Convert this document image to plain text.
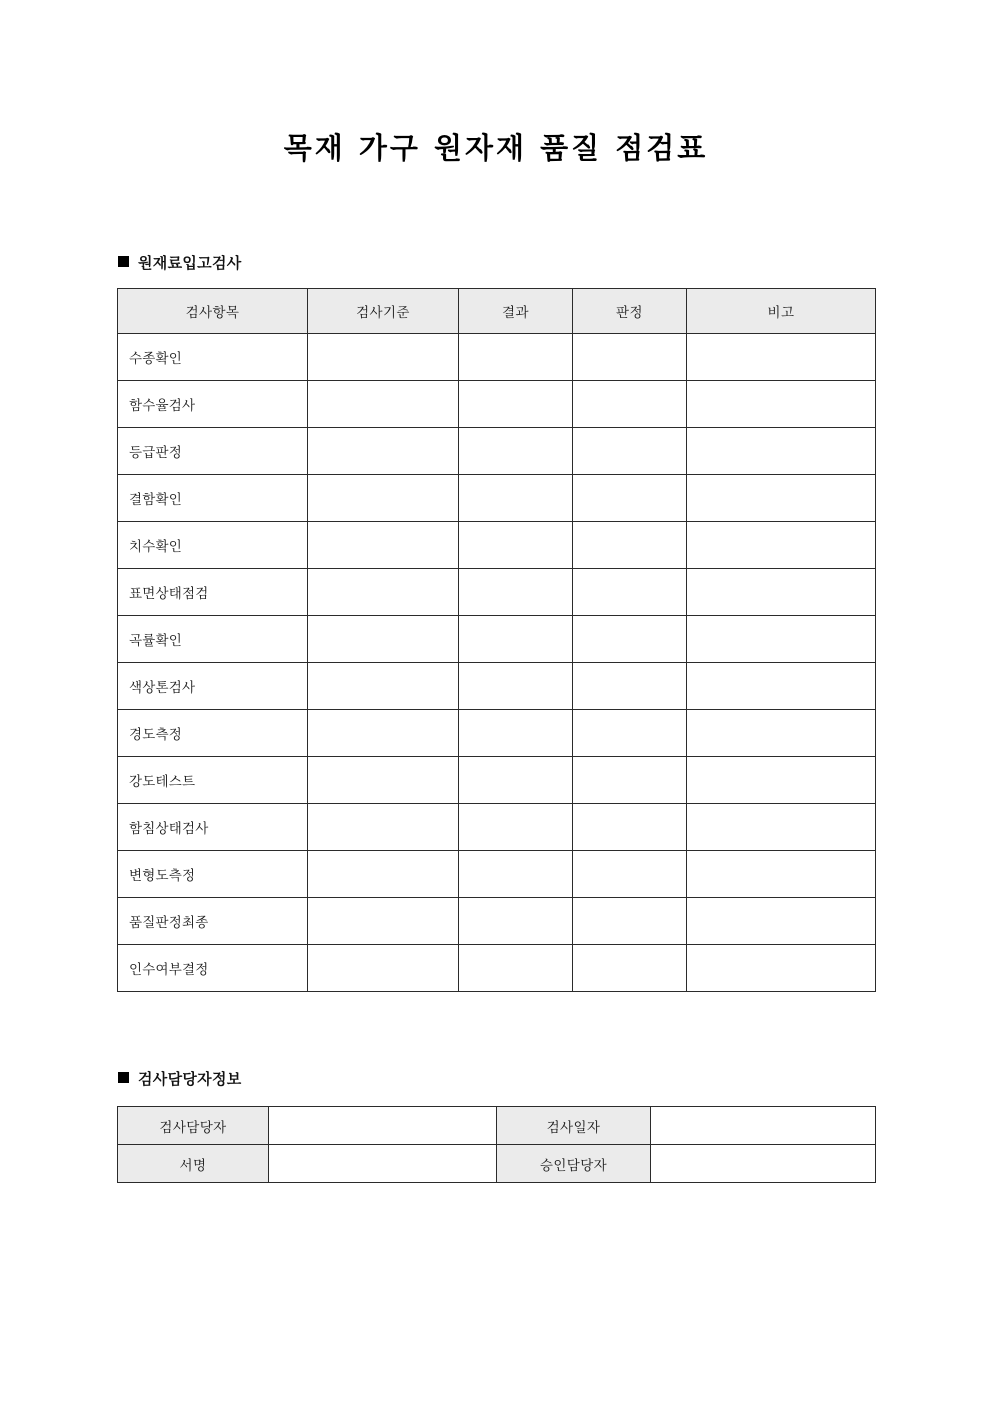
목재 가구 원자재 품질 점검표
원재료입고검사
검사항목	검사기준	결과	판정	비고
수종확인				
함수율검사				
등급판정				
결함확인				
치수확인				
표면상태점검				
곡률확인				
색상톤검사				
경도측정				
강도테스트				
함침상태검사				
변형도측정				
품질판정최종				
인수여부결정				
검사담당자정보
검사담당자		검사일자	
서명		승인담당자	
